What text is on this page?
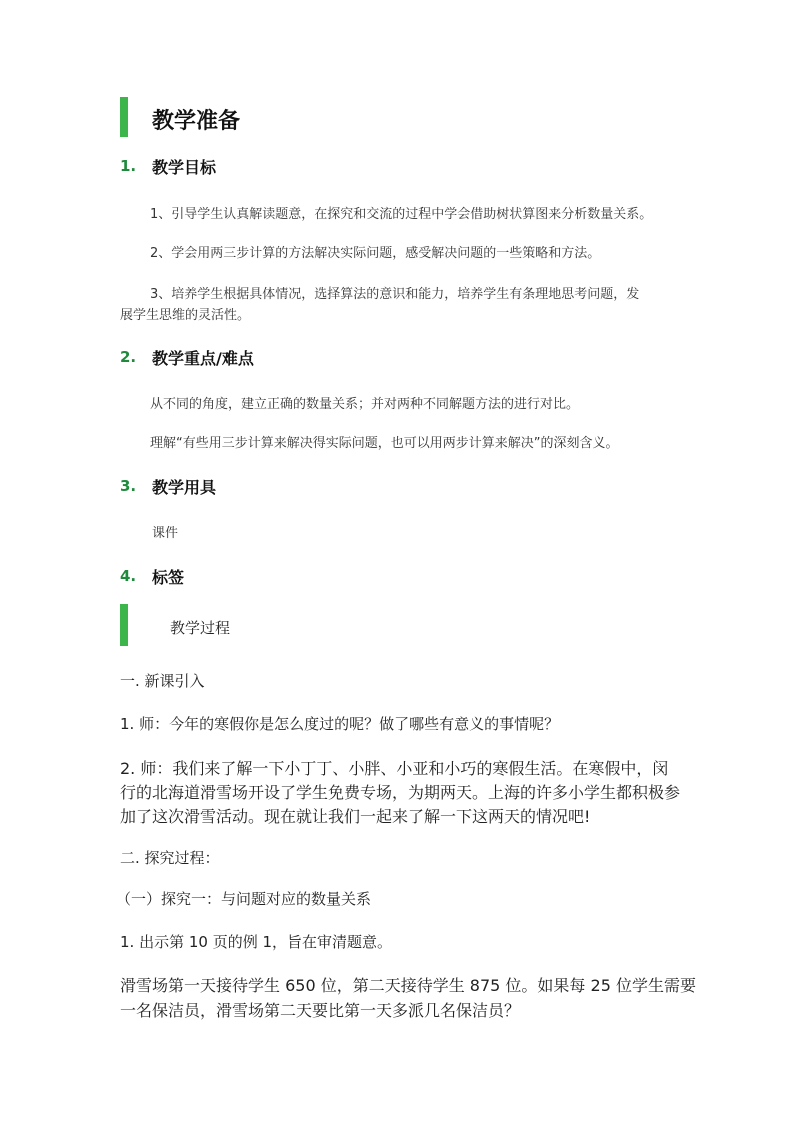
教学准备
1. 教学目标
1、引导学生认真解读题意，在探究和交流的过程中学会借助树状算图来分析数量关系。
2、学会用两三步计算的方法解决实际问题，感受解决问题的一些策略和方法。
3、培养学生根据具体情况，选择算法的意识和能力，培养学生有条理地思考问题，发
展学生思维的灵活性。
2. 教学重点/难点
从不同的角度，建立正确的数量关系；并对两种不同解题方法的进行对比。
理解“有些用三步计算来解决得实际问题，也可以用两步计算来解决”的深刻含义。
3. 教学用具
课件
4. 标签
教学过程
一. 新课引入
1. 师：今年的寒假你是怎么度过的呢？做了哪些有意义的事情呢？
2. 师：我们来了解一下小丁丁、小胖、小亚和小巧的寒假生活。在寒假中，闵
行的北海道滑雪场开设了学生免费专场，为期两天。上海的许多小学生都积极参
加了这次滑雪活动。现在就让我们一起来了解一下这两天的情况吧!
二. 探究过程：
（一）探究一：与问题对应的数量关系
1. 出示第 10 页的例 1，旨在审清题意。
滑雪场第一天接待学生 650 位，第二天接待学生 875 位。如果每 25 位学生需要
一名保洁员，滑雪场第二天要比第一天多派几名保洁员？
